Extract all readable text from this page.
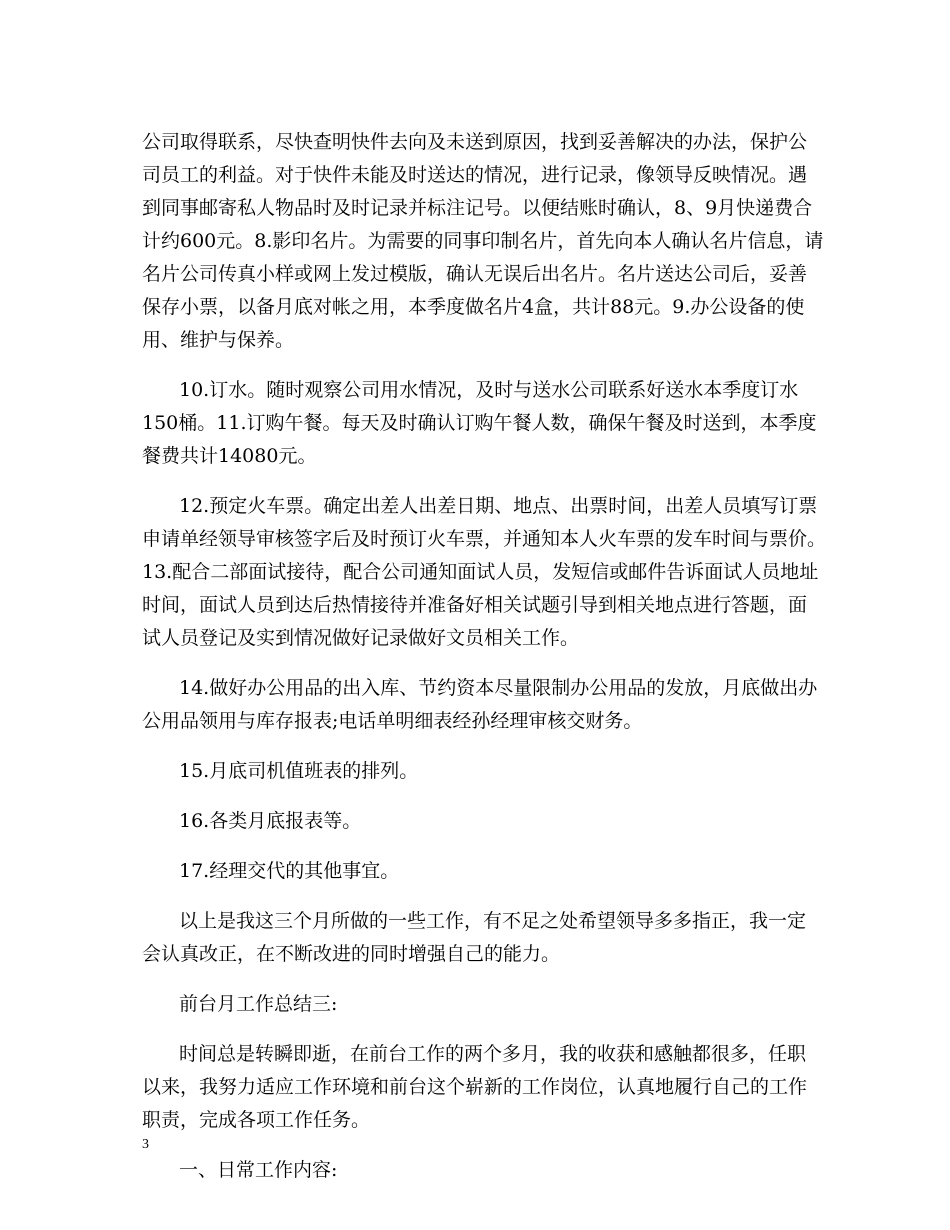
公司取得联系，尽快查明快件去向及未送到原因，找到妥善解决的办法，保护公
司员工的利益。对于快件未能及时送达的情况，进行记录，像领导反映情况。遇
到同事邮寄私人物品时及时记录并标注记号。以便结账时确认，8、9月快递费合
计约600元。8.影印名片。为需要的同事印制名片，首先向本人确认名片信息，请
名片公司传真小样或网上发过模版，确认无误后出名片。名片送达公司后，妥善
保存小票，以备月底对帐之用，本季度做名片4盒，共计88元。9.办公设备的使
用、维护与保养。
10.订水。随时观察公司用水情况，及时与送水公司联系好送水本季度订水
150桶。11.订购午餐。每天及时确认订购午餐人数，确保午餐及时送到，本季度
餐费共计14080元。
12.预定火车票。确定出差人出差日期、地点、出票时间，出差人员填写订票
申请单经领导审核签字后及时预订火车票，并通知本人火车票的发车时间与票价。
13.配合二部面试接待，配合公司通知面试人员，发短信或邮件告诉面试人员地址
时间，面试人员到达后热情接待并准备好相关试题引导到相关地点进行答题，面
试人员登记及实到情况做好记录做好文员相关工作。
14.做好办公用品的出入库、节约资本尽量限制办公用品的发放，月底做出办
公用品领用与库存报表;电话单明细表经孙经理审核交财务。
15.月底司机值班表的排列。
16.各类月底报表等。
17.经理交代的其他事宜。
以上是我这三个月所做的一些工作，有不足之处希望领导多多指正，我一定
会认真改正，在不断改进的同时增强自己的能力。
前台月工作总结三:
时间总是转瞬即逝，在前台工作的两个多月，我的收获和感触都很多，任职
以来，我努力适应工作环境和前台这个崭新的工作岗位，认真地履行自己的工作
职责，完成各项工作任务。
一、日常工作内容:
3
